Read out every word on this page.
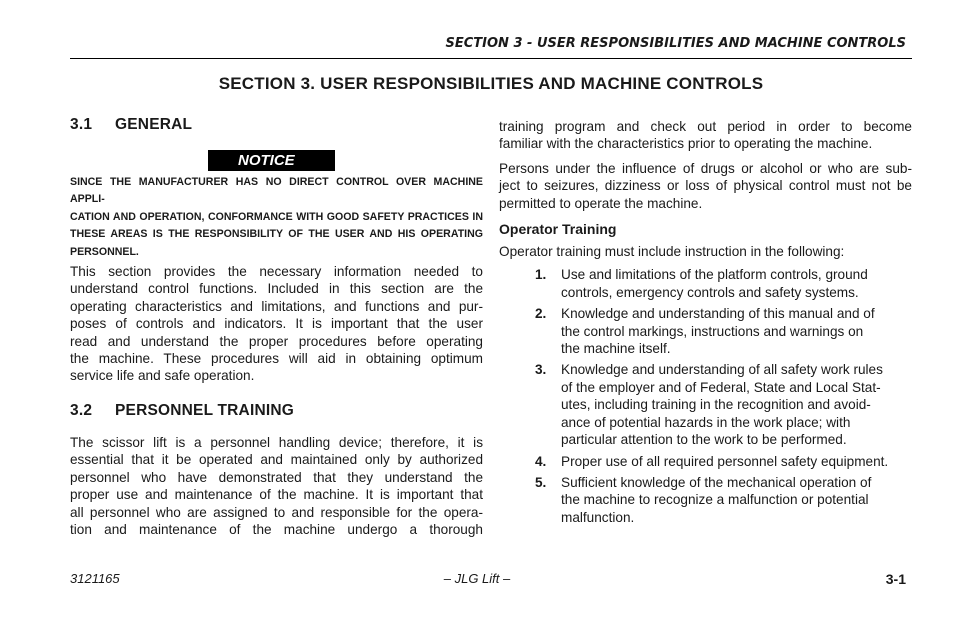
SECTION 3 - USER RESPONSIBILITIES AND MACHINE CONTROLS
SECTION 3. USER RESPONSIBILITIES AND MACHINE CONTROLS
3.1	GENERAL
NOTICE
SINCE THE MANUFACTURER HAS NO DIRECT CONTROL OVER MACHINE APPLI-
CATION AND OPERATION, CONFORMANCE WITH GOOD SAFETY PRACTICES IN
THESE AREAS IS THE RESPONSIBILITY OF THE USER AND HIS OPERATING
PERSONNEL.
This section provides the necessary information needed to
understand control functions. Included in this section are the
operating characteristics and limitations, and functions and pur-
poses of controls and indicators. It is important that the user
read and understand the proper procedures before operating
the machine. These procedures will aid in obtaining optimum
service life and safe operation.
3.2	PERSONNEL TRAINING
The scissor lift is a personnel handling device; therefore, it is
essential that it be operated and maintained only by authorized
personnel who have demonstrated that they understand the
proper use and maintenance of the machine. It is important that
all personnel who are assigned to and responsible for the opera-
tion and maintenance of the machine undergo a thorough
training program and check out period in order to become
familiar with the characteristics prior to operating the machine.
Persons under the influence of drugs or alcohol or who are sub-
ject to seizures, dizziness or loss of physical control must not be
permitted to operate the machine.
Operator Training
Operator training must include instruction in the following:
1.	Use and limitations of the platform controls, ground
controls, emergency controls and safety systems.
2.	Knowledge and understanding of this manual and of
the control markings, instructions and warnings on
the machine itself.
3.	Knowledge and understanding of all safety work rules
of the employer and of Federal, State and Local Stat-
utes, including training in the recognition and avoid-
ance of potential hazards in the work place; with
particular attention to the work to be performed.
4.	Proper use of all required personnel safety equipment.
5.	Sufficient knowledge of the mechanical operation of
the machine to recognize a malfunction or potential
malfunction.
3121165	– JLG Lift –	3-1
